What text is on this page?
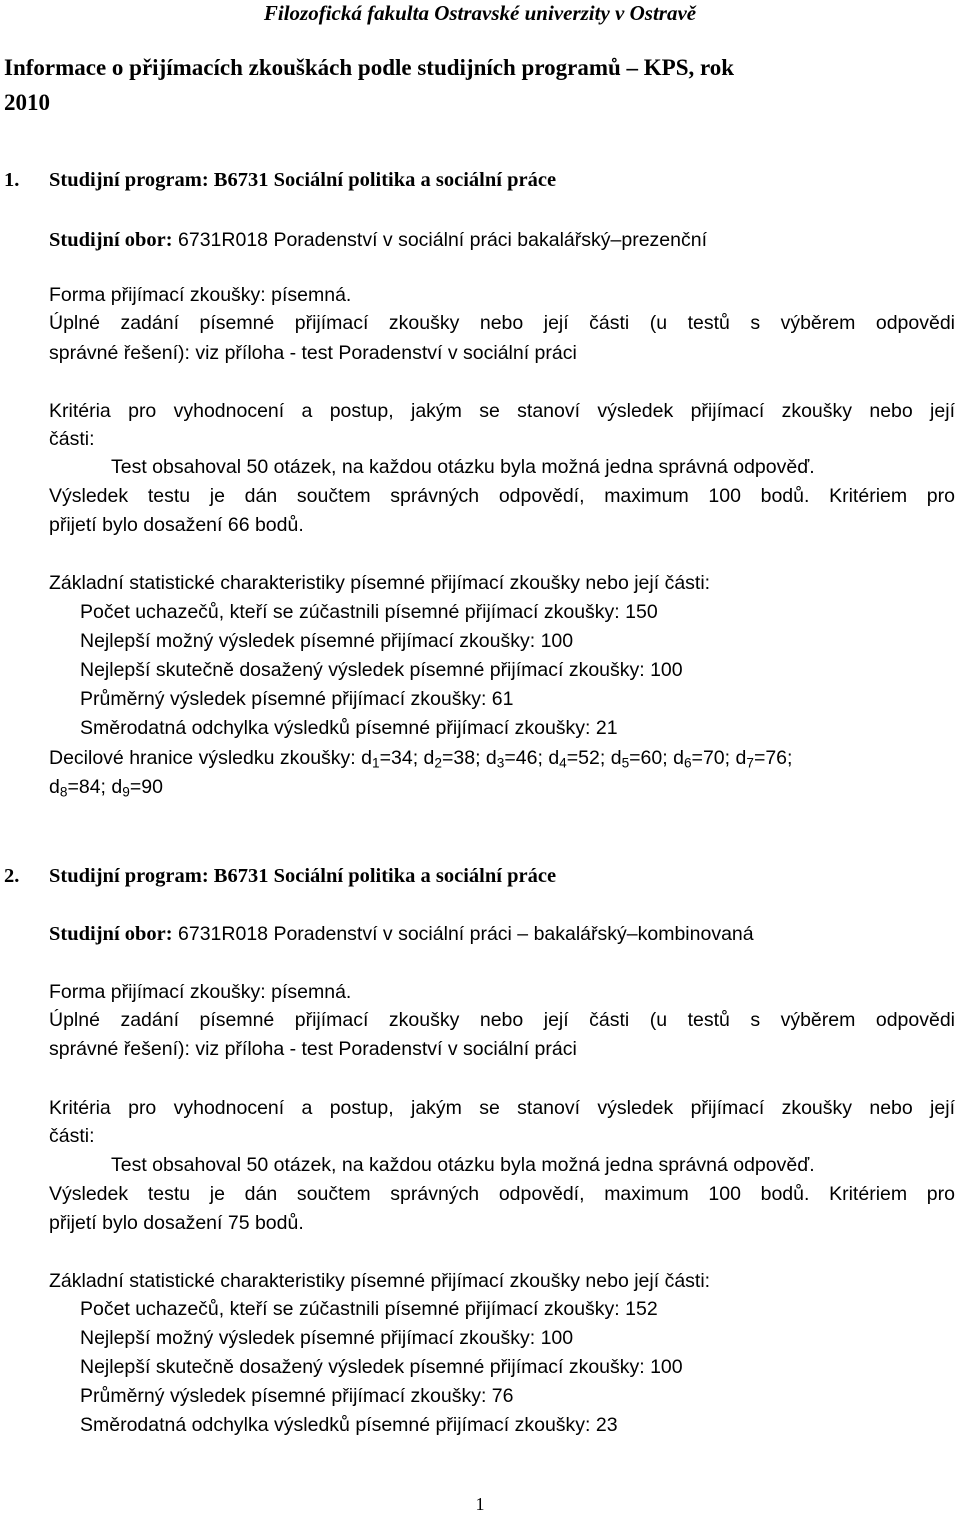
Filozofická fakulta Ostravské univerzity v Ostravě
Informace o přijímacích zkouškách podle studijních programů – KPS, rok
2010
1. Studijní program: B6731 Sociální politika a sociální práce
Studijní obor: 6731R018 Poradenství v sociální práci bakalářský–prezenční
Forma přijímací zkoušky: písemná.
Úplné zadání písemné přijímací zkoušky nebo její části (u testů s výběrem odpovědi
správné řešení): viz příloha - test Poradenství v sociální práci
Kritéria pro vyhodnocení a postup, jakým se stanoví výsledek přijímací zkoušky nebo její
části:
Test obsahoval 50 otázek, na každou otázku byla možná jedna správná odpověď.
Výsledek testu je dán součtem správných odpovědí, maximum 100 bodů. Kritériem pro
přijetí bylo dosažení 66 bodů.
Základní statistické charakteristiky písemné přijímací zkoušky nebo její části:
Počet uchazečů, kteří se zúčastnili písemné přijímací zkoušky: 150
Nejlepší možný výsledek písemné přijímací zkoušky: 100
Nejlepší skutečně dosažený výsledek písemné přijímací zkoušky: 100
Průměrný výsledek písemné přijímací zkoušky: 61
Směrodatná odchylka výsledků písemné přijímací zkoušky: 21
Decilové hranice výsledku zkoušky: $d_1=34$; $d_2=38$; $d_3=46$; $d_4=52$; $d_5=60$; $d_6=70$; $d_7=76$;
$d_8=84$; $d_9=90$
2. Studijní program: B6731 Sociální politika a sociální práce
Studijní obor: 6731R018 Poradenství v sociální práci – bakalářský–kombinovaná
Forma přijímací zkoušky: písemná.
Úplné zadání písemné přijímací zkoušky nebo její části (u testů s výběrem odpovědi
správné řešení): viz příloha - test Poradenství v sociální práci
Kritéria pro vyhodnocení a postup, jakým se stanoví výsledek přijímací zkoušky nebo její
části:
Test obsahoval 50 otázek, na každou otázku byla možná jedna správná odpověď.
Výsledek testu je dán součtem správných odpovědí, maximum 100 bodů. Kritériem pro
přijetí bylo dosažení 75 bodů.
Základní statistické charakteristiky písemné přijímací zkoušky nebo její části:
Počet uchazečů, kteří se zúčastnili písemné přijímací zkoušky: 152
Nejlepší možný výsledek písemné přijímací zkoušky: 100
Nejlepší skutečně dosažený výsledek písemné přijímací zkoušky: 100
Průměrný výsledek písemné přijímací zkoušky: 76
Směrodatná odchylka výsledků písemné přijímací zkoušky: 23
1
